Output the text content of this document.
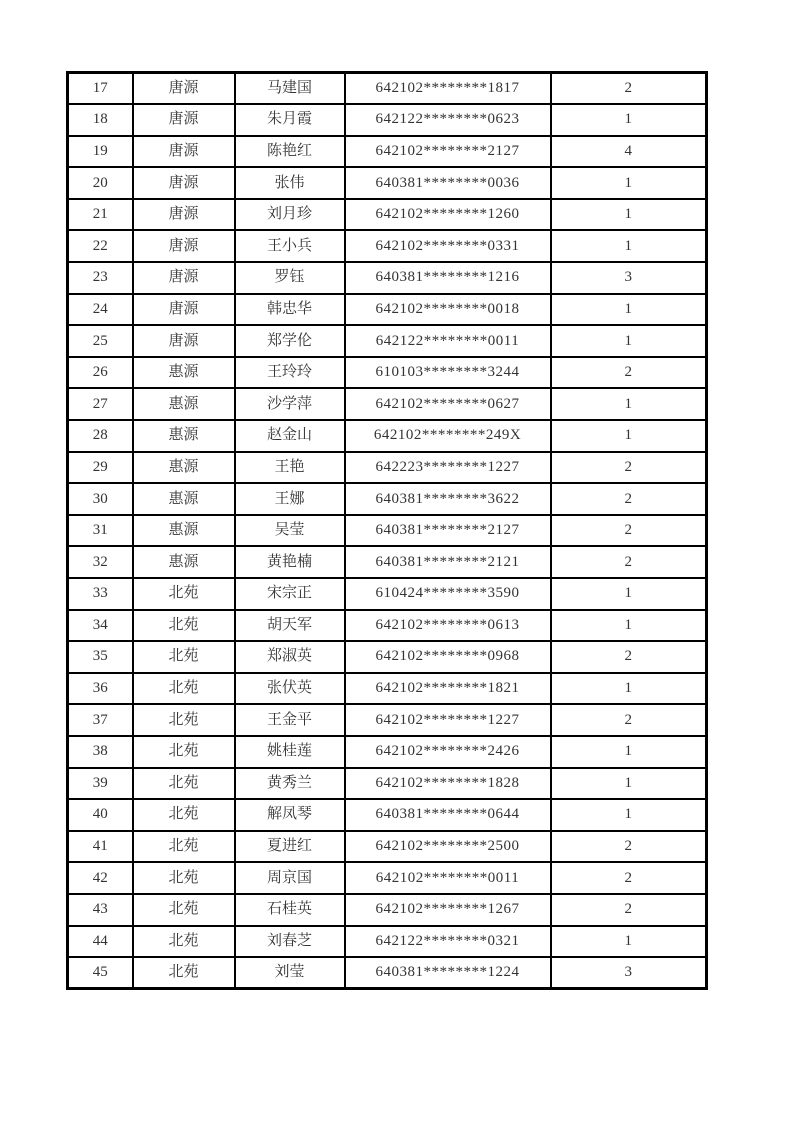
17	唐源	马建国	642102********1817	2
18	唐源	朱月霞	642122********0623	1
19	唐源	陈艳红	642102********2127	4
20	唐源	张伟	640381********0036	1
21	唐源	刘月珍	642102********1260	1
22	唐源	王小兵	642102********0331	1
23	唐源	罗钰	640381********1216	3
24	唐源	韩忠华	642102********0018	1
25	唐源	郑学伦	642122********0011	1
26	惠源	王玲玲	610103********3244	2
27	惠源	沙学萍	642102********0627	1
28	惠源	赵金山	642102********249X	1
29	惠源	王艳	642223********1227	2
30	惠源	王娜	640381********3622	2
31	惠源	吴莹	640381********2127	2
32	惠源	黄艳楠	640381********2121	2
33	北苑	宋宗正	610424********3590	1
34	北苑	胡天军	642102********0613	1
35	北苑	郑淑英	642102********0968	2
36	北苑	张伏英	642102********1821	1
37	北苑	王金平	642102********1227	2
38	北苑	姚桂莲	642102********2426	1
39	北苑	黄秀兰	642102********1828	1
40	北苑	解凤琴	640381********0644	1
41	北苑	夏进红	642102********2500	2
42	北苑	周京国	642102********0011	2
43	北苑	石桂英	642102********1267	2
44	北苑	刘春芝	642122********0321	1
45	北苑	刘莹	640381********1224	3
